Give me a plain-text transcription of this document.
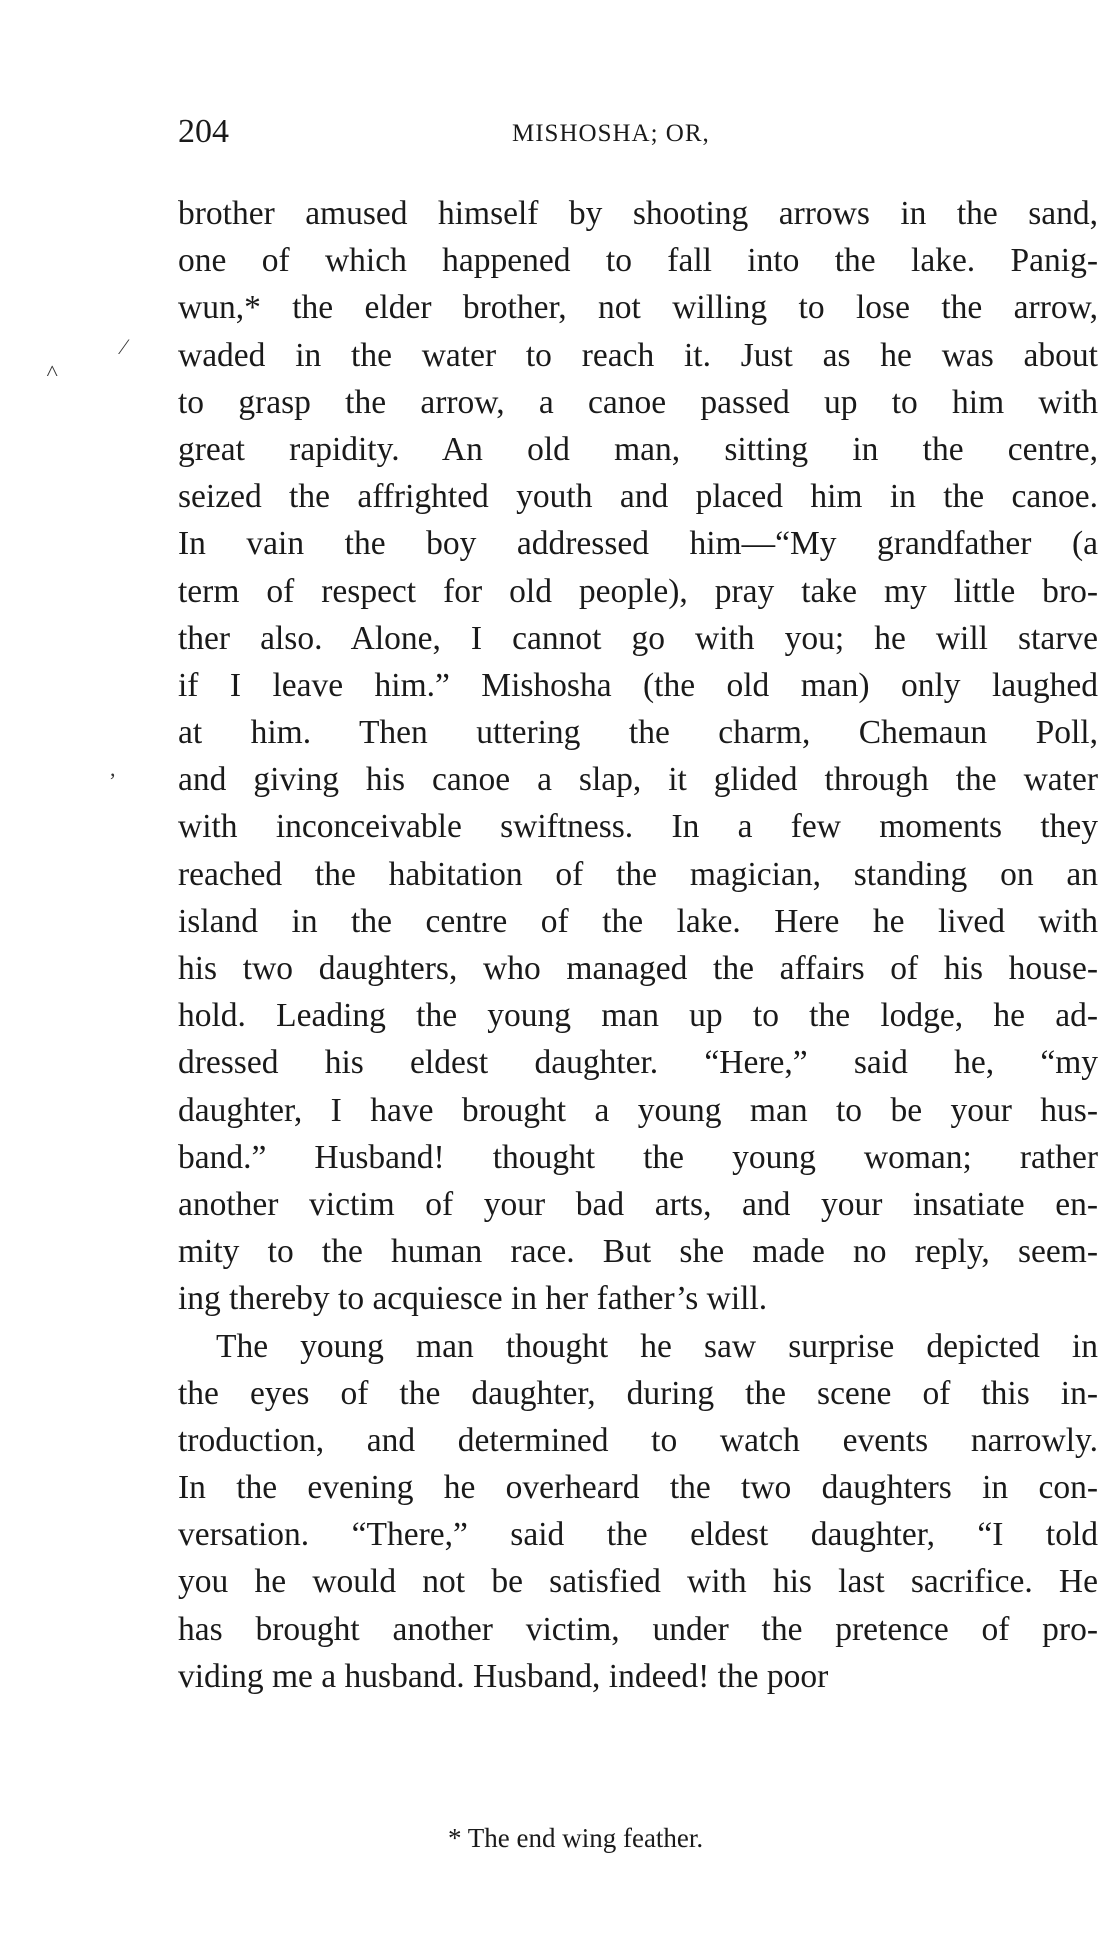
204	MISHOSHA; OR,
brother amused himself by shooting arrows in the sand,
one of which happened to fall into the lake. Panig-
wun,* the elder brother, not willing to lose the arrow,
waded in the water to reach it. Just as he was about
to grasp the arrow, a canoe passed up to him with
great rapidity. An old man, sitting in the centre,
seized the affrighted youth and placed him in the canoe.
In vain the boy addressed him—“My grandfather (a
term of respect for old people), pray take my little bro-
ther also. Alone, I cannot go with you; he will starve
if I leave him.” Mishosha (the old man) only laughed
at him. Then uttering the charm, Chemaun Poll,
and giving his canoe a slap, it glided through the water
with inconceivable swiftness. In a few moments they
reached the habitation of the magician, standing on an
island in the centre of the lake. Here he lived with
his two daughters, who managed the affairs of his house-
hold. Leading the young man up to the lodge, he ad-
dressed his eldest daughter. “Here,” said he, “my
daughter, I have brought a young man to be your hus-
band.” Husband! thought the young woman; rather
another victim of your bad arts, and your insatiate en-
mity to the human race. But she made no reply, seem-
ing thereby to acquiesce in her father’s will.
The young man thought he saw surprise depicted in
the eyes of the daughter, during the scene of this in-
troduction, and determined to watch events narrowly.
In the evening he overheard the two daughters in con-
versation. “There,” said the eldest daughter, “I told
you he would not be satisfied with his last sacrifice. He
has brought another victim, under the pretence of pro-
viding me a husband. Husband, indeed! the poor
* The end wing feather.
˄
⁄
,
